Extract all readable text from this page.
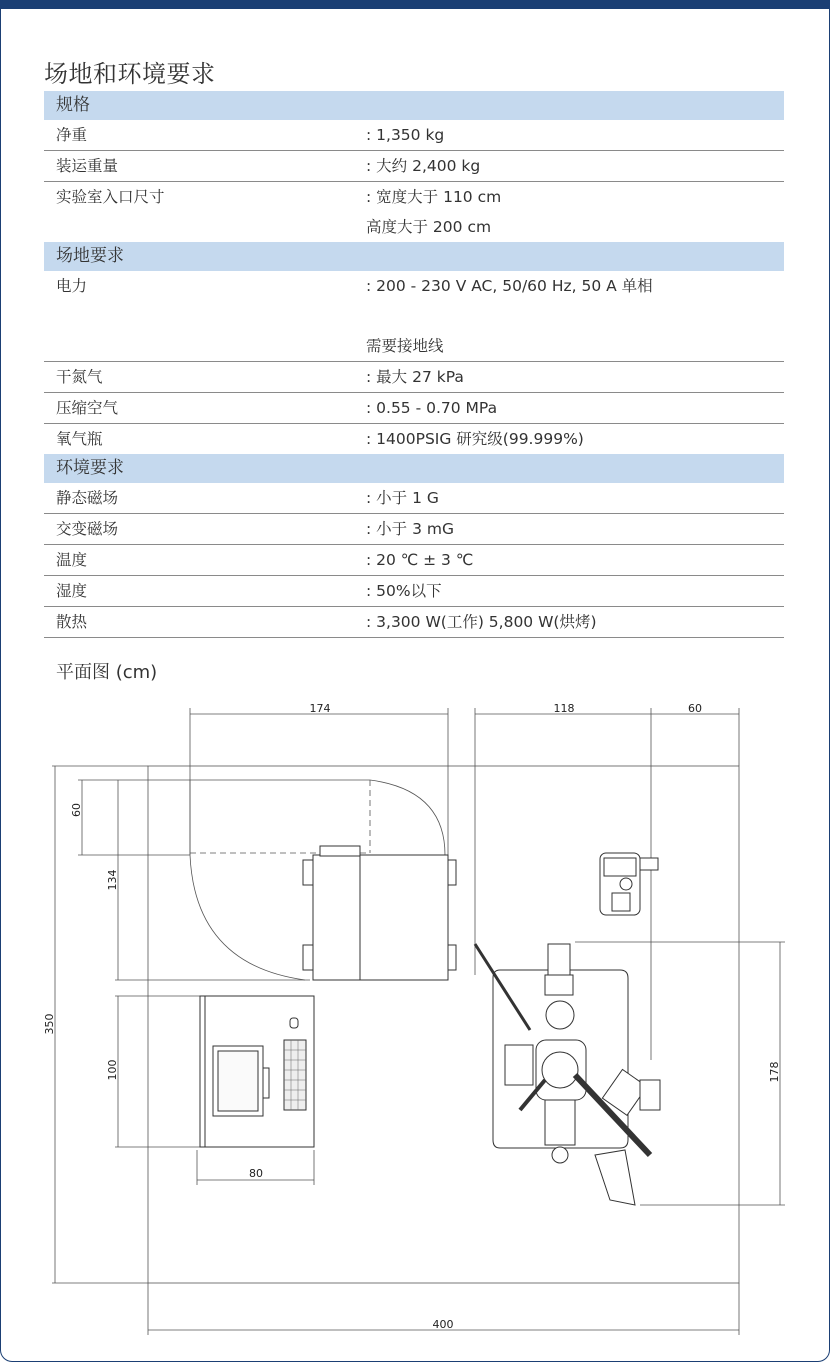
场地和环境要求
规格
净重	: 1,350 kg
装运重量	: 大约 2,400 kg
实验室入口尺寸	: 宽度大于 110 cm
高度大于 200 cm
场地要求
电力	: 200 - 230 V AC, 50/60 Hz, 50 A 单相
需要接地线
干氮气	: 最大 27 kPa
压缩空气	: 0.55 - 0.70 MPa
氧气瓶	: 1400PSIG 研究级(99.999%)
环境要求
静态磁场	: 小于 1 G
交变磁场	: 小于 3 mG
温度	: 20 ℃ ± 3 ℃
湿度	: 50%以下
散热	: 3,300 W(工作) 5,800 W(烘烤)
平面图 (cm)
174	118	60
60
134
350
100
80
178
400
